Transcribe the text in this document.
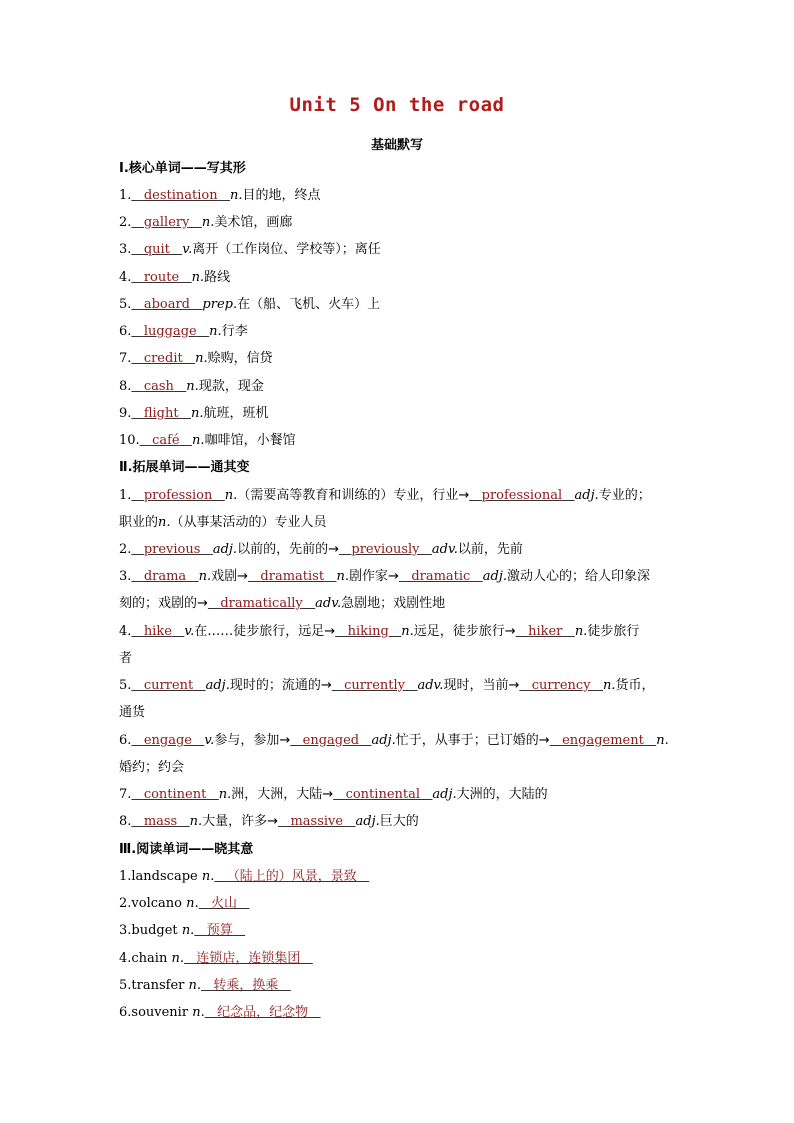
Unit 5 On the road
基础默写
Ⅰ.核心单词——写其形
1. destination n.目的地，终点
2. gallery n.美术馆，画廊
3. quit v.离开（工作岗位、学校等）；离任
4. route n.路线
5. aboard prep.在（船、飞机、火车）上
6. luggage n.行李
7. credit n.赊购，信贷
8. cash n.现款，现金
9. flight n.航班，班机
10. café n.咖啡馆，小餐馆
Ⅱ.拓展单词——通其变
1. profession n.（需要高等教育和训练的）专业，行业→ professional adj.专业的；
职业的n.（从事某活动的）专业人员
2. previous adj.以前的，先前的→ previously adv.以前，先前
3. drama n.戏剧→ dramatist n.剧作家→ dramatic adj.激动人心的；给人印象深
刻的；戏剧的→ dramatically adv.急剧地；戏剧性地
4. hike v.在……徒步旅行，远足→ hiking n.远足，徒步旅行→ hiker n.徒步旅行
者
5. current adj.现时的；流通的→ currently adv.现时，当前→ currency n.货币，
通货
6. engage v.参与，参加→ engaged adj.忙于，从事于；已订婚的→ engagement n.
婚约；约会
7. continent n.洲，大洲，大陆→ continental adj.大洲的，大陆的
8. mass n.大量，许多→ massive adj.巨大的
Ⅲ.阅读单词——晓其意
1.landscape n. （陆上的）风景，景致
2.volcano n. 火山
3.budget n. 预算
4.chain n. 连锁店，连锁集团
5.transfer n. 转乘，换乘
6.souvenir n. 纪念品，纪念物
